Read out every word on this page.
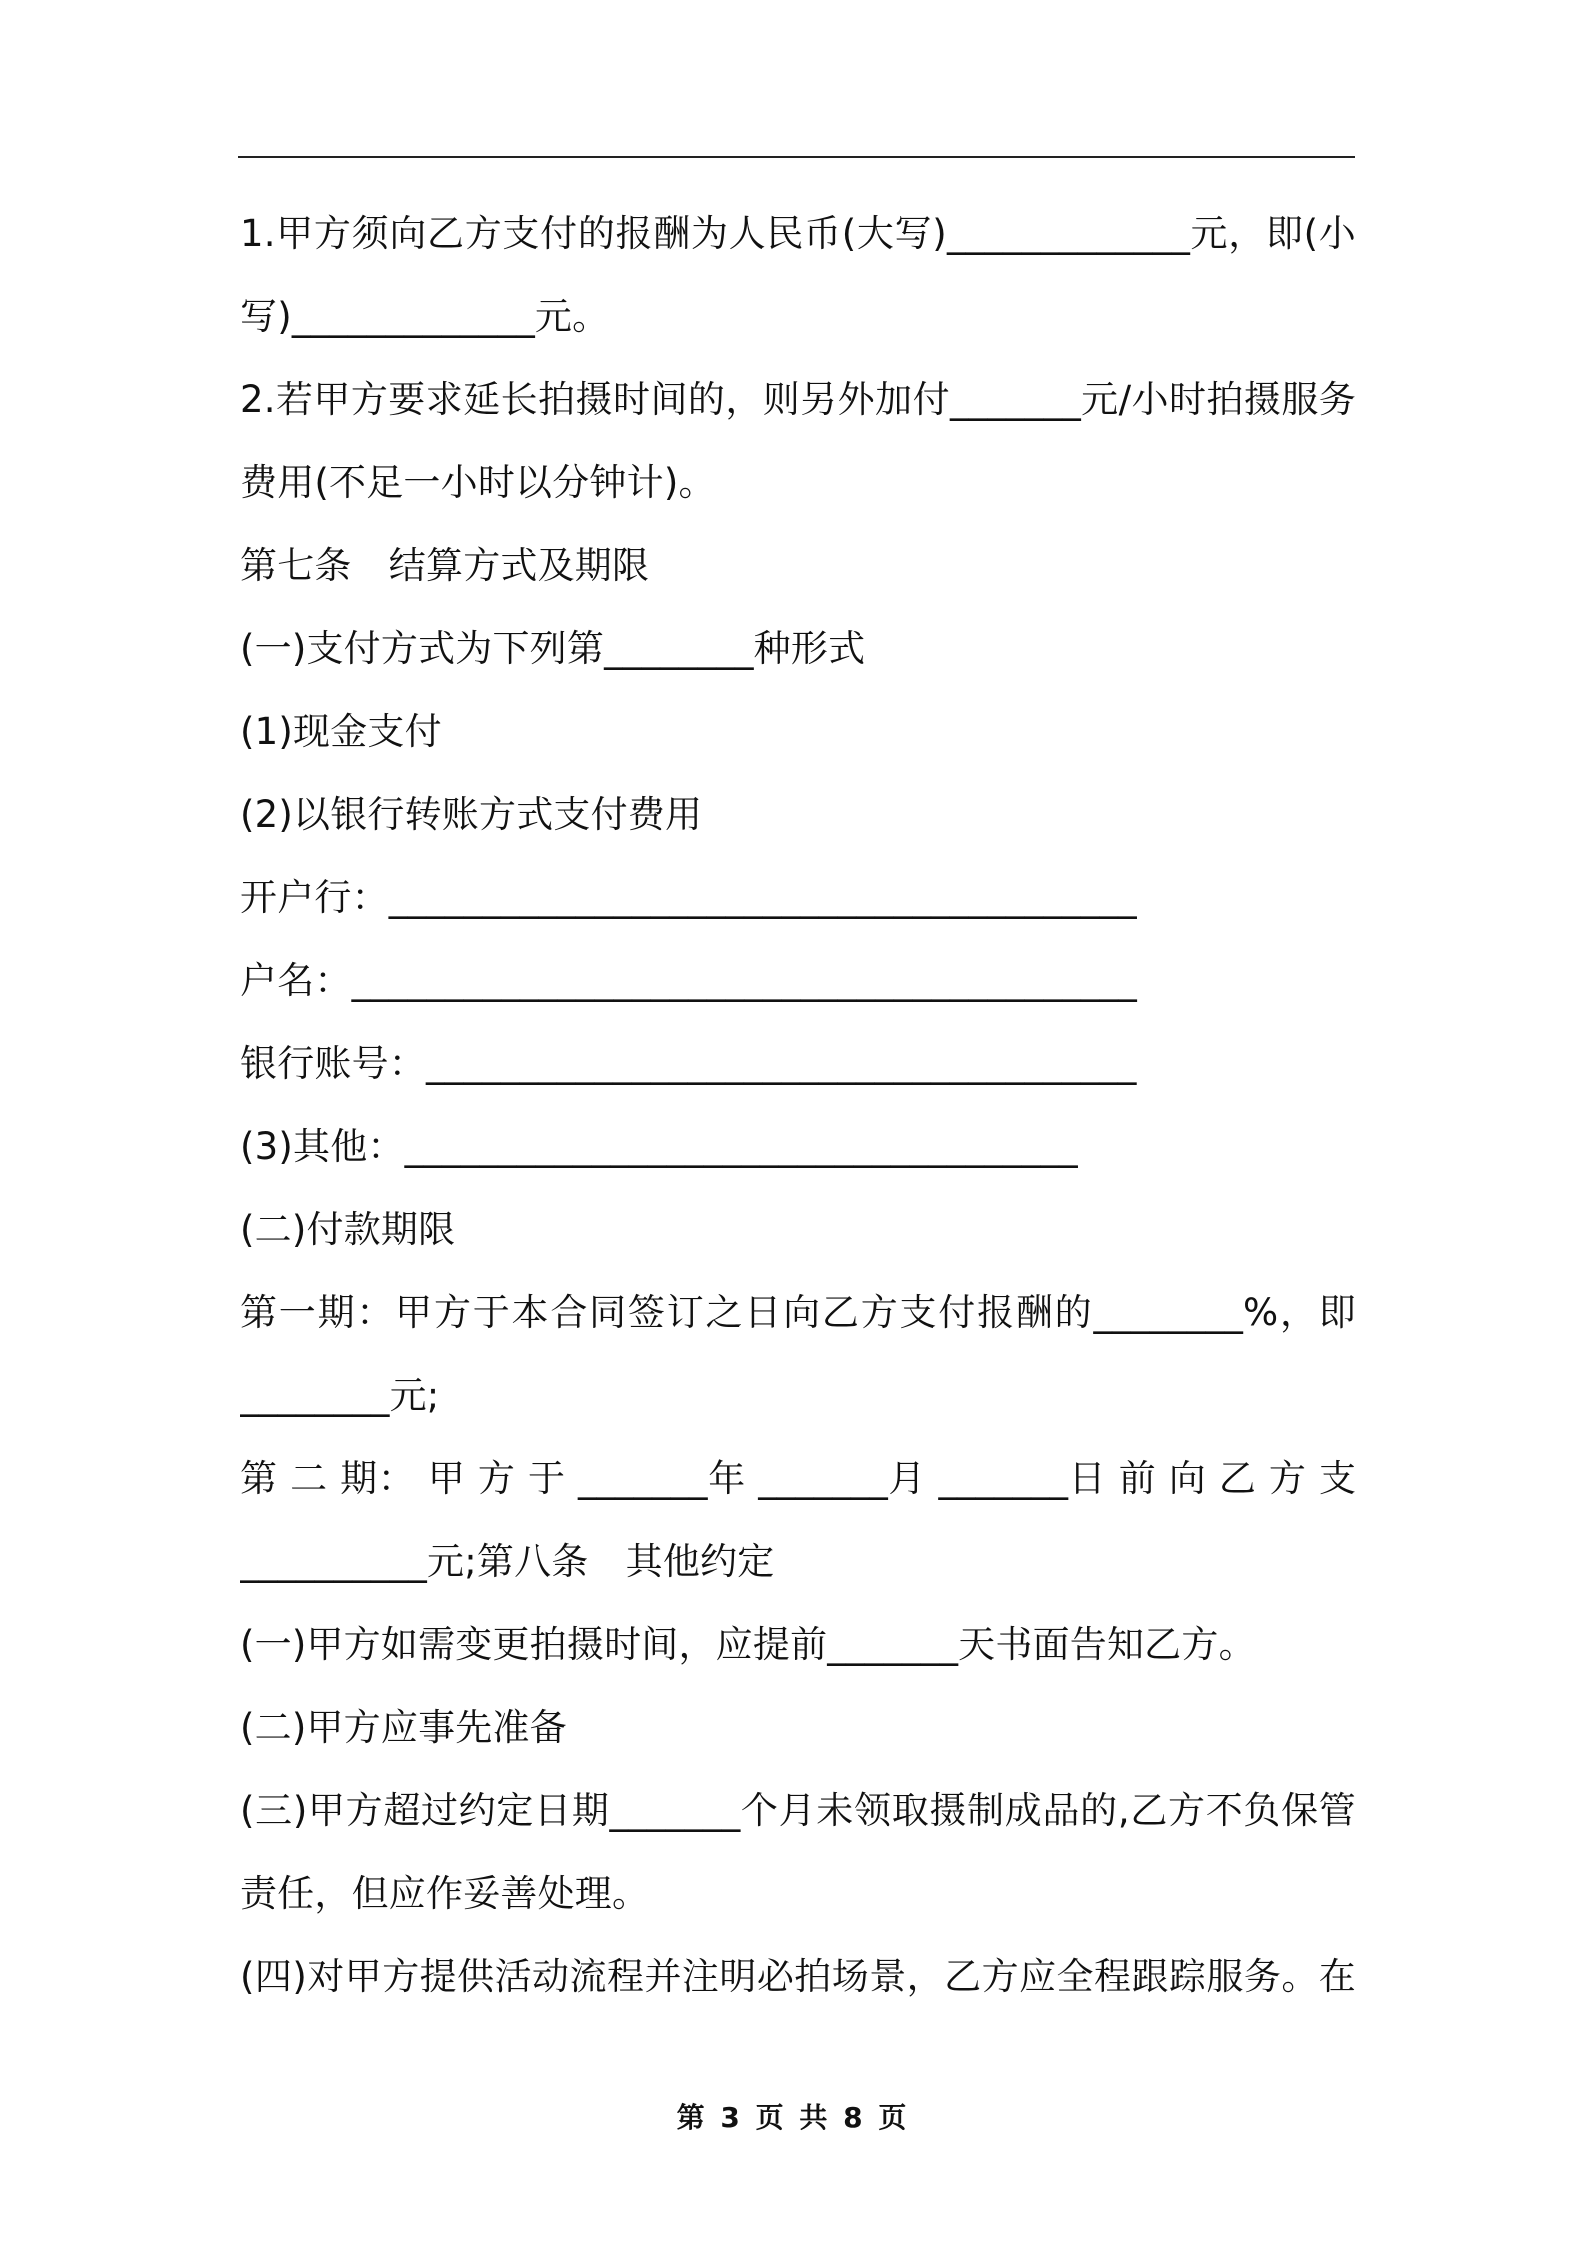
1.甲方须向乙方支付的报酬为人民币(大写)_____________元，即(小
写)_____________元。
2.若甲方要求延长拍摄时间的，则另外加付_______元/小时拍摄服务
费用(不足一小时以分钟计)。
第七条　结算方式及期限
(一)支付方式为下列第________种形式
(1)现金支付
(2)以银行转账方式支付费用
开户行：________________________________________
户名：__________________________________________
银行账号：______________________________________
(3)其他：____________________________________
(二)付款期限
第一期：甲方于本合同签订之日向乙方支付报酬的________%，即
________元;
第 二 期： 甲 方 于 _______年 _______月 _______日 前 向 乙 方 支
__________元;第八条　其他约定
(一)甲方如需变更拍摄时间，应提前_______天书面告知乙方。
(二)甲方应事先准备
(三)甲方超过约定日期_______个月未领取摄制成品的,乙方不负保管
责任，但应作妥善处理。
(四)对甲方提供活动流程并注明必拍场景，乙方应全程跟踪服务。在
第 3 页 共 8 页
